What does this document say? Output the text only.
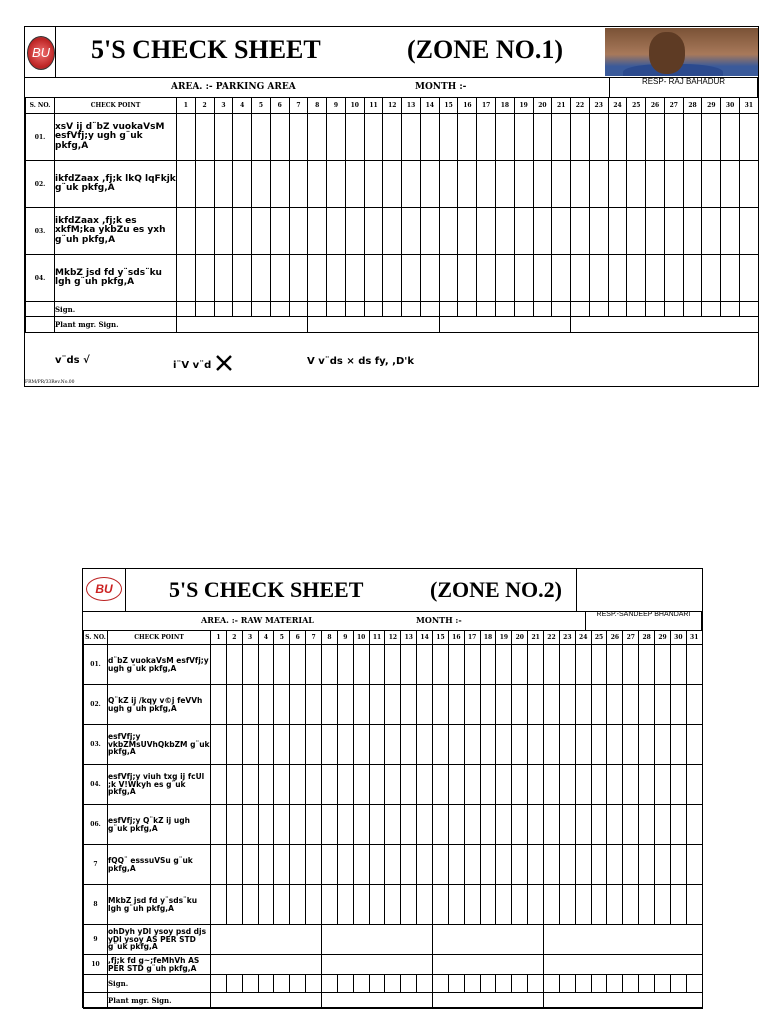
BU 5'S CHECK SHEET	(ZONE NO.1)
AREA. :- PARKING AREA	MONTH :-
RESP- RAJ BAHADUR
S. NO.	CHECK POINT	1	2	3	4	5	6	7	8	9	10	11	12	13	14	15	16	17	18	19	20	21	22	23	24	25	26	27	28	29	30	31
01.	xsV ij d¨bZ vuokaVsM esfVfj;y ugh g¨uk pkfg,A																															
02.	ikfdZaax ,fj;k lkQ lqFkjk g¨uk pkfg,A																															
03.	ikfdZaax ,fj;k es xkfM;ka ykbZu es yxh g¨uh pkfg,A																															
04.	MkbZ jsd fd y¨sds¨ku lgh g¨uh pkfg,A																															
	Sign.																															
	Plant mgr. Sign.																															
v¨ds √	i¨V v¨d	V v¨ds × ds fy, ,D'k
FRM/PR/33Rev.No.00
BU	5'S CHECK SHEET	(ZONE NO.2)
AREA. :- RAW MATERIAL	MONTH :-
RESP.-SANDEEP BHANDARI
S. NO.	CHECK POINT	1	2	3	4	5	6	7	8	9	10	11	12	13	14	15	16	17	18	19	20	21	22	23	24	25	26	27	28	29	30	31
01.	d¨bZ vuokaVsM esfVfj;y ugh g¨uk pkfg,A																															
02.	Q¨kZ ij /kqy v©j feVVh ugh g¨uh pkfg,A																															
03.	esfVfj;y vkbZMsUVhQkbZM g¨uk pkfg,A																															
04.	esfVfj;y viuh txg ij fcUl ;k V!Wkyh es g¨uk pkfg,A																															
06.	esfVfj;y Q¨kZ ij ugh g¨uk pkfg,A																															
7	fQQ¨ esssuVSu g¨uk pkfg,A																															
8	MkbZ jsd fd y¨sds¨ku lgh g¨uh pkfg,A																															
9	ohDyh yDl ysoy psd djs yDl ysoy AS PER STD g¨uk pkfg,A																															
10	,fj;k fd g~;feMhVh AS PER STD g¨uh pkfg,A																															
	Sign.																															
	Plant mgr. Sign.																															
